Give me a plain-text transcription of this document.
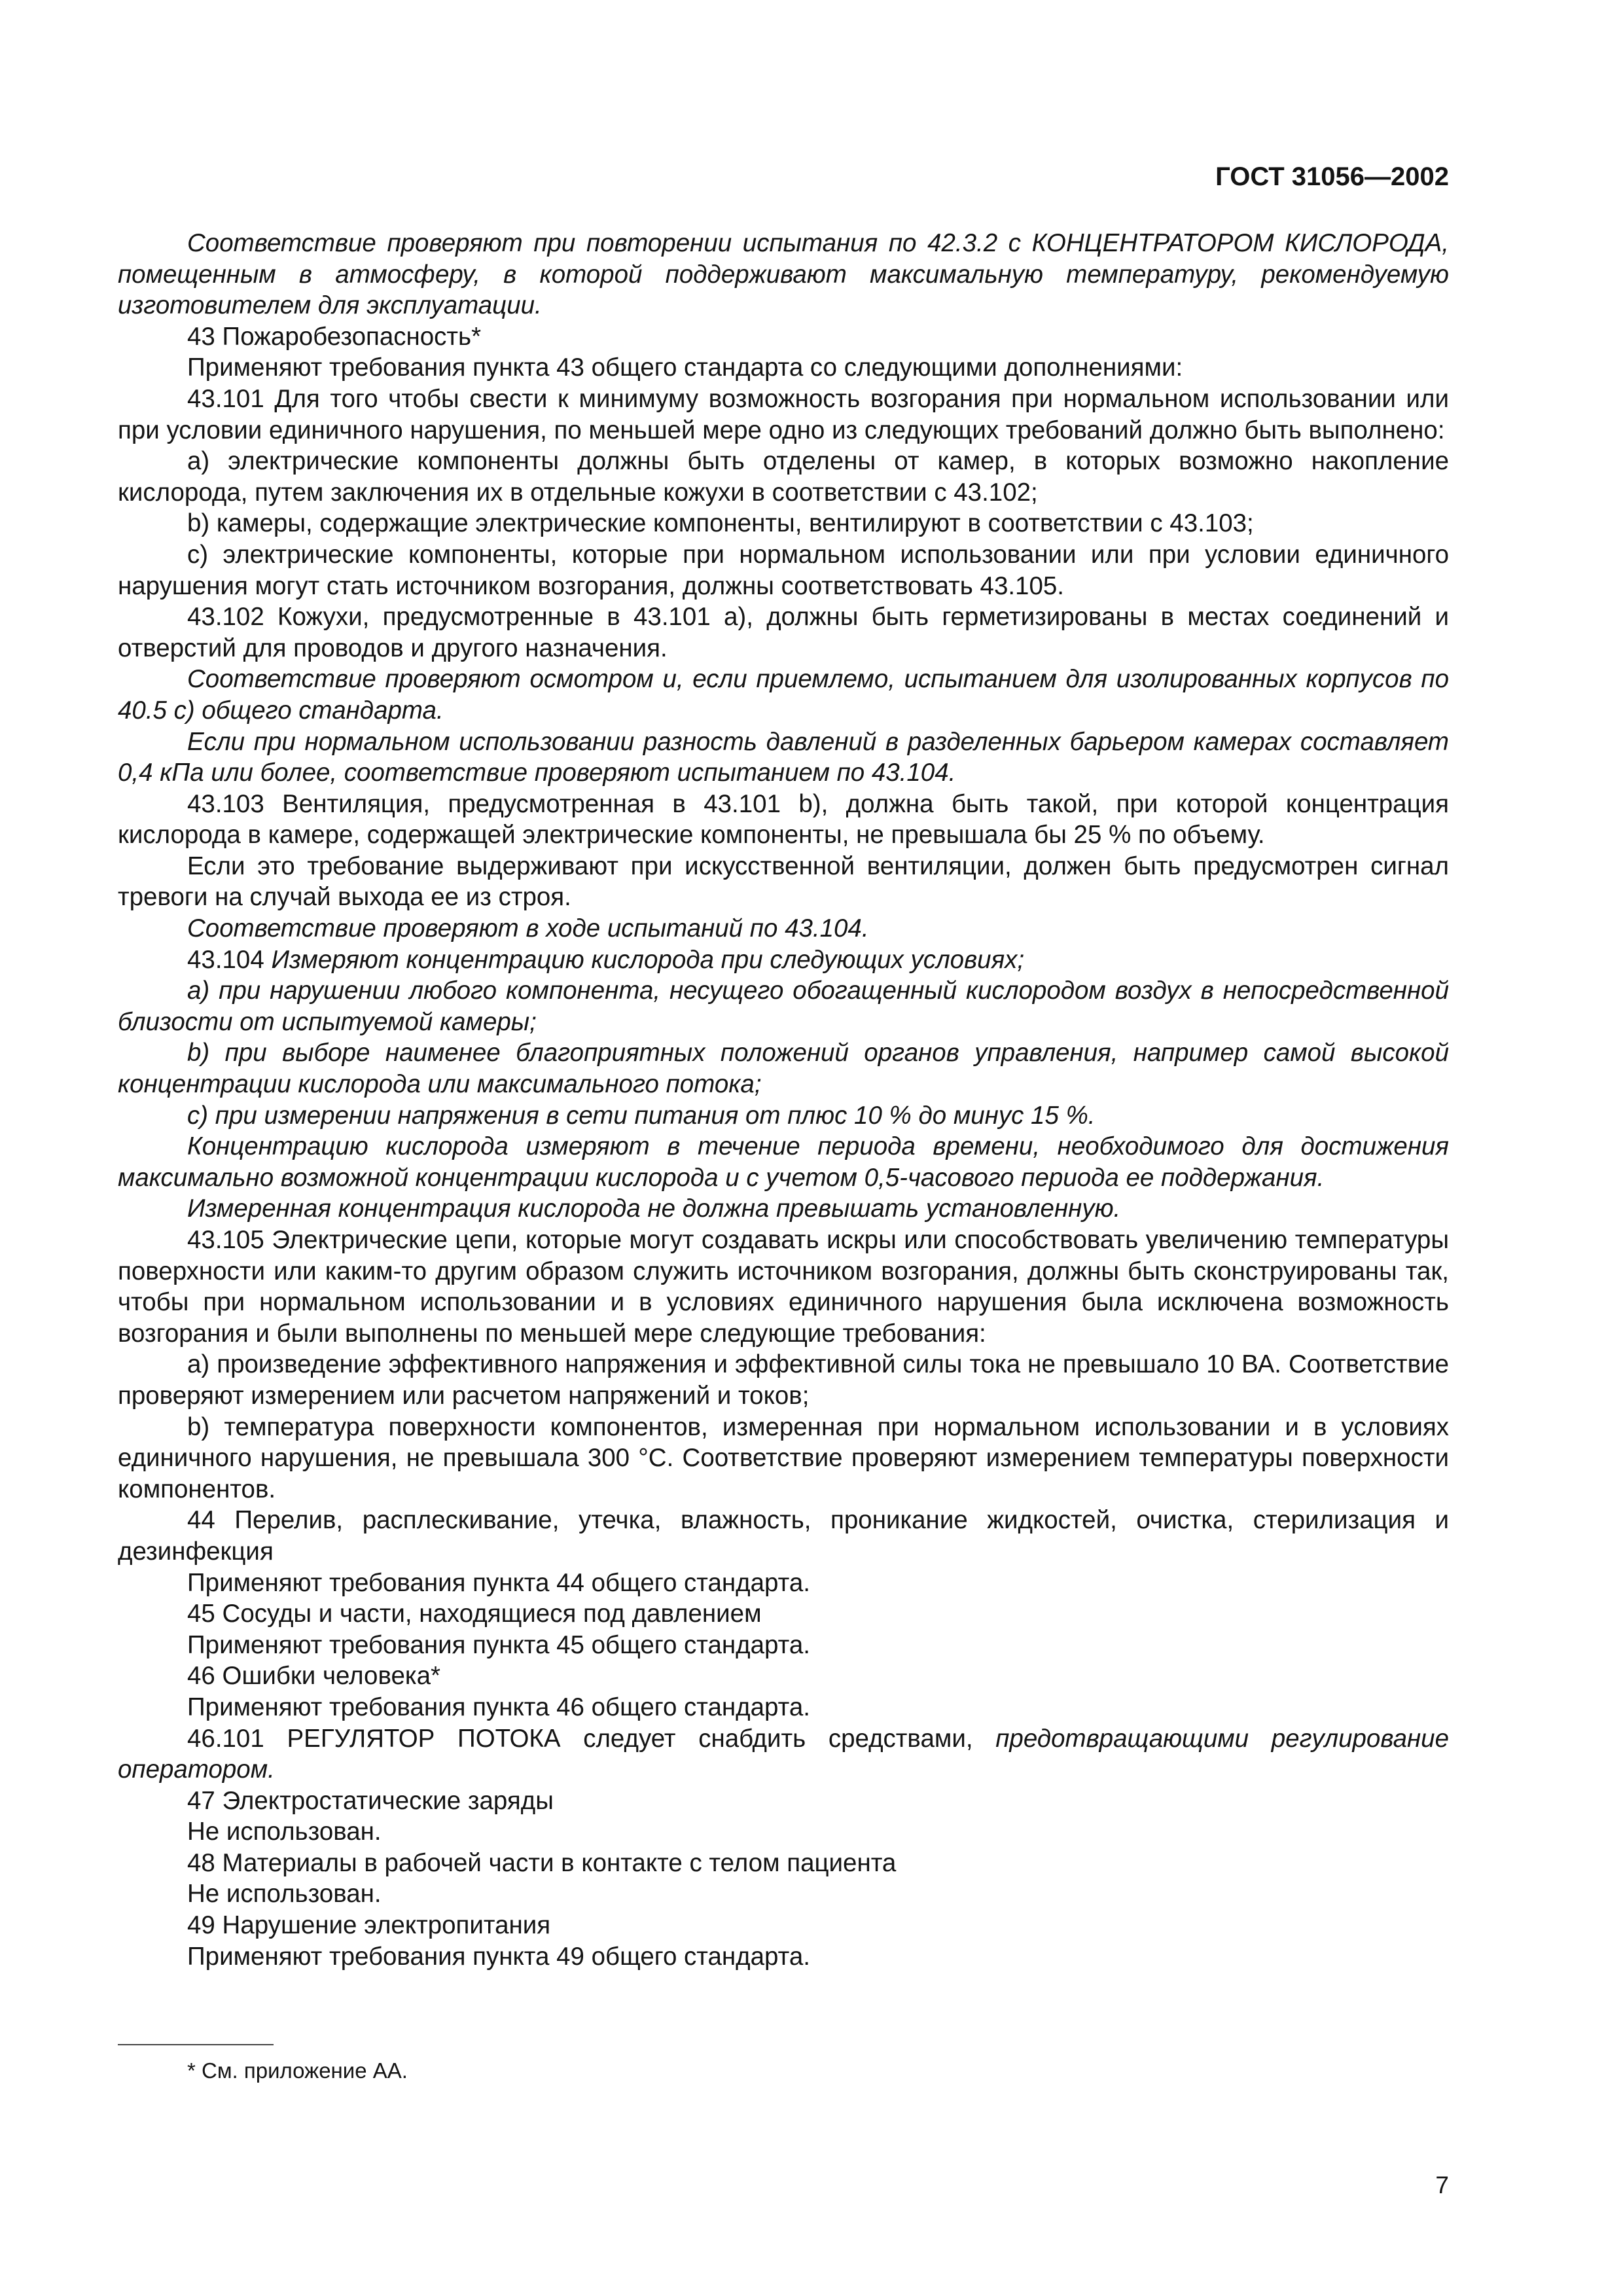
ГОСТ 31056—2002
Соответствие проверяют при повторении испытания по 42.3.2 с КОНЦЕНТРАТОРОМ КИСЛОРОДА, помещенным в атмосферу, в которой поддерживают максимальную температуру, рекомендуемую изготовителем для эксплуатации.
43 Пожаробезопасность*
Применяют требования пункта 43 общего стандарта со следующими дополнениями:
43.101 Для того чтобы свести к минимуму возможность возгорания при нормальном использовании или при условии единичного нарушения, по меньшей мере одно из следующих требований должно быть выполнено:
а) электрические компоненты должны быть отделены от камер, в которых возможно накопление кислорода, путем заключения их в отдельные кожухи в соответствии с 43.102;
b) камеры, содержащие электрические компоненты, вентилируют в соответствии с 43.103;
с) электрические компоненты, которые при нормальном использовании или при условии единичного нарушения могут стать источником возгорания, должны соответствовать 43.105.
43.102 Кожухи, предусмотренные в 43.101 а), должны быть герметизированы в местах соединений и отверстий для проводов и другого назначения.
Соответствие проверяют осмотром и, если приемлемо, испытанием для изолированных корпусов по 40.5 с) общего стандарта.
Если при нормальном использовании разность давлений в разделенных барьером камерах составляет 0,4 кПа или более, соответствие проверяют испытанием по 43.104.
43.103 Вентиляция, предусмотренная в 43.101 b), должна быть такой, при которой концентрация кислорода в камере, содержащей электрические компоненты, не превышала бы 25 % по объему.
Если это требование выдерживают при искусственной вентиляции, должен быть предусмотрен сигнал тревоги на случай выхода ее из строя.
Соответствие проверяют в ходе испытаний по 43.104.
43.104 Измеряют концентрацию кислорода при следующих условиях;
а) при нарушении любого компонента, несущего обогащенный кислородом воздух в непосредственной близости от испытуемой камеры;
b) при выборе наименее благоприятных положений органов управления, например самой высокой концентрации кислорода или максимального потока;
с) при измерении напряжения в сети питания от плюс 10 % до минус 15 %.
Концентрацию кислорода измеряют в течение периода времени, необходимого для достижения максимально возможной концентрации кислорода и с учетом 0,5-часового периода ее поддержания.
Измеренная концентрация кислорода не должна превышать установленную.
43.105 Электрические цепи, которые могут создавать искры или способствовать увеличению температуры поверхности или каким-то другим образом служить источником возгорания, должны быть сконструированы так, чтобы при нормальном использовании и в условиях единичного нарушения была исключена возможность возгорания и были выполнены по меньшей мере следующие требования:
а) произведение эффективного напряжения и эффективной силы тока не превышало 10 ВА. Соответствие проверяют измерением или расчетом напряжений и токов;
b) температура поверхности компонентов, измеренная при нормальном использовании и в условиях единичного нарушения, не превышала 300 °С. Соответствие проверяют измерением температуры поверхности компонентов.
44 Перелив, расплескивание, утечка, влажность, проникание жидкостей, очистка, стерилизация и дезинфекция
Применяют требования пункта 44 общего стандарта.
45 Сосуды и части, находящиеся под давлением
Применяют требования пункта 45 общего стандарта.
46 Ошибки человека*
Применяют требования пункта 46 общего стандарта.
46.101 РЕГУЛЯТОР ПОТОКА следует снабдить средствами, предотвращающими регулирование оператором.
47 Электростатические заряды
Не использован.
48 Материалы в рабочей части в контакте с телом пациента
Не использован.
49 Нарушение электропитания
Применяют требования пункта 49 общего стандарта.
* См. приложение АА.
7
